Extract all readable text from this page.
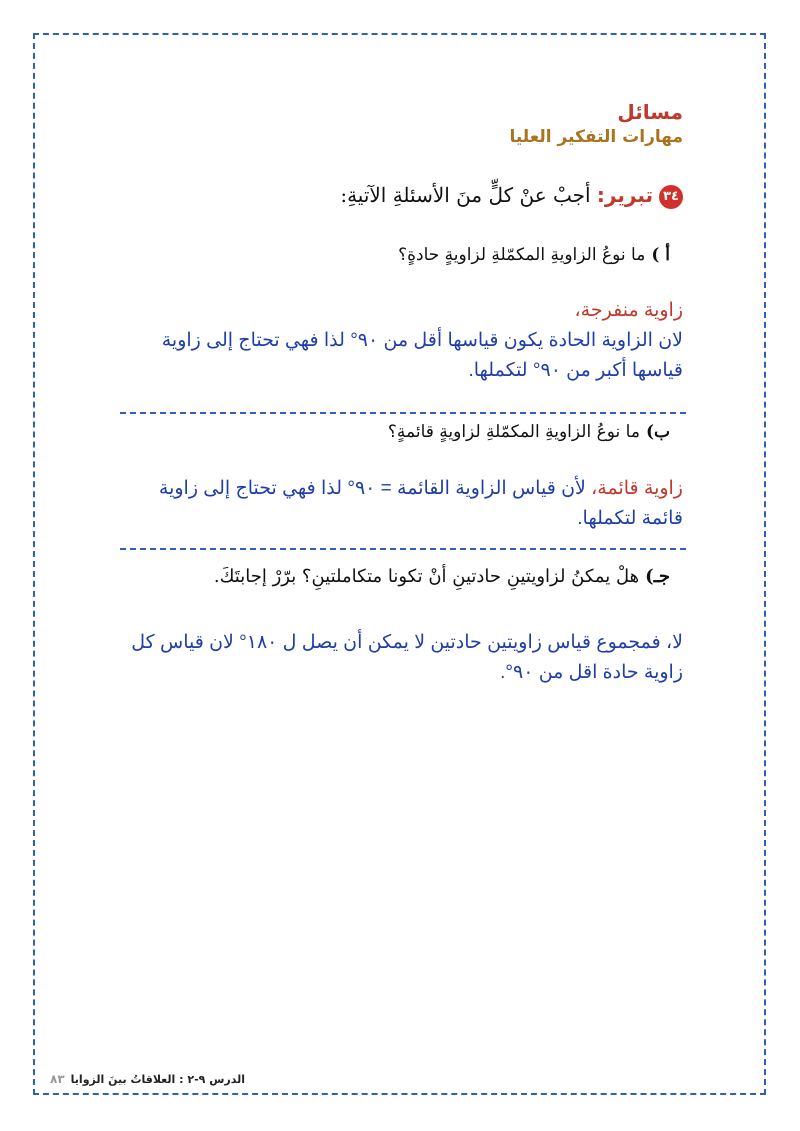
مسائل
مهارات التفكير العليا
٣٤تبرير: أجبْ عنْ كلٍّ منَ الأسئلةِ الآتيةِ:
أ )ما نوعُ الزاويةِ المكمّلةِ لزاويةٍ حادةٍ؟
زاوية منفرجة،
لان الزاوية الحادة يكون قياسها أقل من ٩٠° لذا فهي تحتاج إلى زاوية قياسها أكبر من ٩٠° لتكملها.
ب)ما نوعُ الزاويةِ المكمّلةِ لزاويةٍ قائمةٍ؟
زاوية قائمة، لأن قياس الزاوية القائمة = ٩٠° لذا فهي تحتاج إلى زاوية قائمة لتكملها.
جـ)هلْ يمكنُ لزاويتينِ حادتينِ أنْ تكونا متكاملتينِ؟ برّرْ إجابتَكَ.
لا، فمجموع قياس زاويتين حادتين لا يمكن أن يصل ل ١٨٠° لان قياس كل زاوية حادة اقل من ٩٠°.
الدرس ٩-٢ : العلاقاتُ بينَ الزوايا٨٣
